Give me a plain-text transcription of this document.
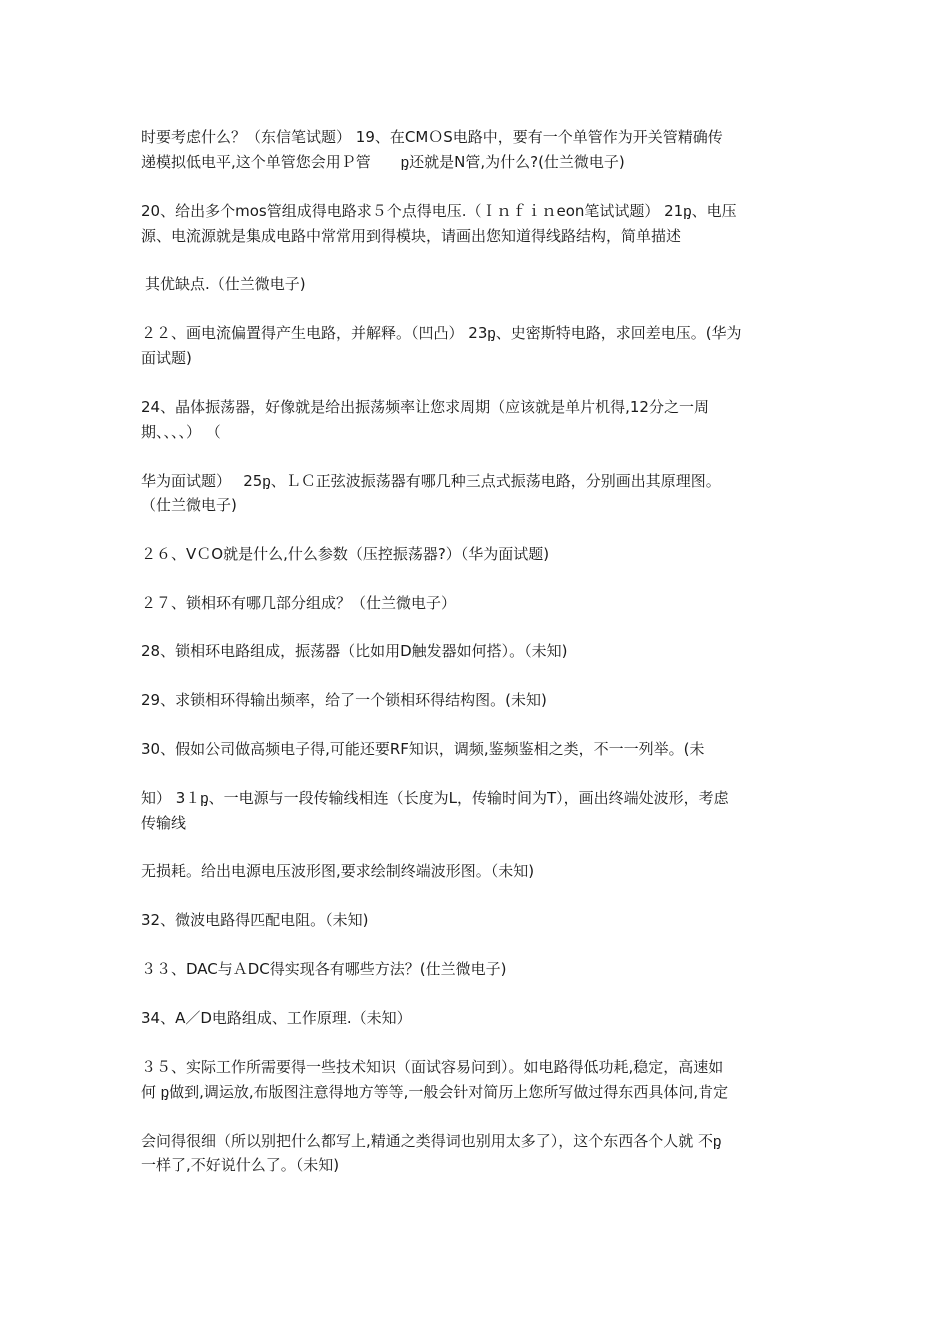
时要考虑什么？（东信笔试题） 19、在CMＯS电路中，要有一个单管作为开关管精确传
递模拟低电平,这个单管您会用Ｐ管　　ᶈ还就是N管,为什么?(仕兰微电子)
20、给出多个mos管组成得电路求５个点得电压.（Ｉｎｆｉｎeon笔试试题） 21ᶈ、电压
源、电流源就是集成电路中常常用到得模块，请画出您知道得线路结构，简单描述
其优缺点.（仕兰微电子)
２２、画电流偏置得产生电路，并解释。（凹凸） 23ᶈ、史密斯特电路，求回差电压。(华为
面试题)
24、晶体振荡器，好像就是给出振荡频率让您求周期（应该就是单片机得,12分之一周
期、、、、） （
华为面试题）　 25ᶈ、ＬＣ正弦波振荡器有哪几种三点式振荡电路，分别画出其原理图。
（仕兰微电子)
２６、VＣO就是什么,什么参数（压控振荡器?）（华为面试题)
２７、锁相环有哪几部分组成？（仕兰微电子）
28、锁相环电路组成，振荡器（比如用D触发器如何搭）。（未知)
29、求锁相环得输出频率，给了一个锁相环得结构图。(未知)
30、假如公司做高频电子得,可能还要RF知识，调频,鉴频鉴相之类，不一一列举。(未
知） 3１ᶈ、一电源与一段传输线相连（长度为L，传输时间为T），画出终端处波形，考虑
传输线
无损耗。给出电源电压波形图,要求绘制终端波形图。（未知)
32、微波电路得匹配电阻。（未知)
３３、DAC与ＡDC得实现各有哪些方法？(仕兰微电子)
34、A／D电路组成、工作原理.（未知）
３５、实际工作所需要得一些技术知识（面试容易问到）。如电路得低功耗,稳定，高速如
何 ᶈ做到,调运放,布版图注意得地方等等,一般会针对简历上您所写做过得东西具体问,肯定
会问得很细（所以别把什么都写上,精通之类得词也别用太多了），这个东西各个人就 不ᶈ
一样了,不好说什么了。（未知)
